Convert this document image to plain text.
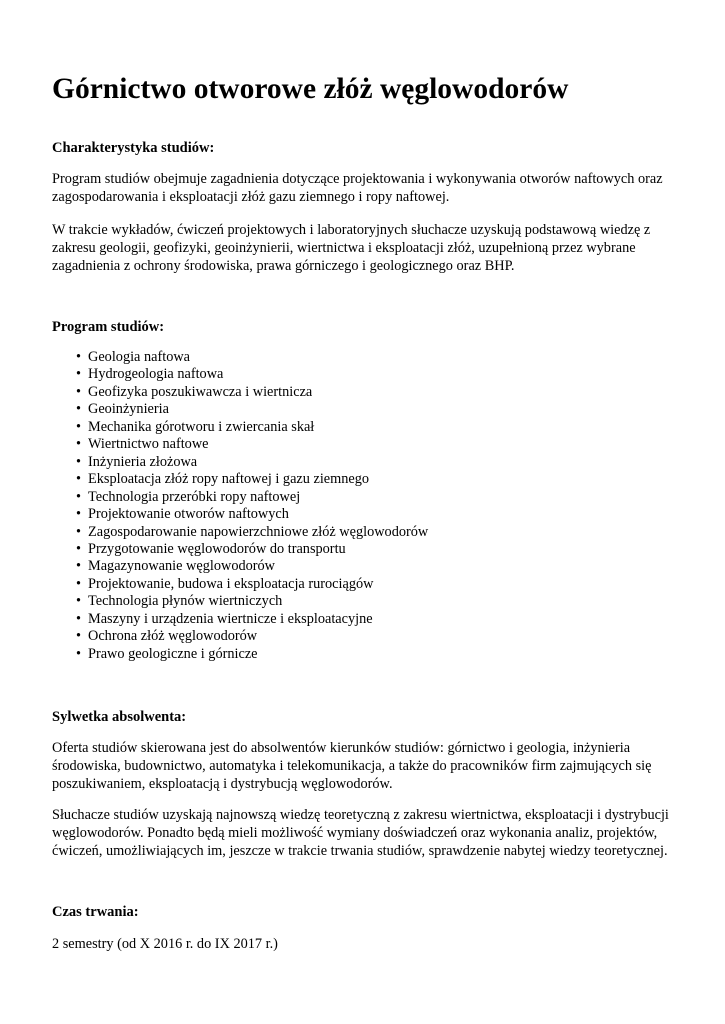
Górnictwo otworowe złóż węglowodorów
Charakterystyka studiów:

Program studiów obejmuje zagadnienia dotyczące projektowania i wykonywania otworów naftowych oraz
zagospodarowania i eksploatacji złóż gazu ziemnego i ropy naftowej.

W trakcie wykładów, ćwiczeń projektowych i laboratoryjnych słuchacze uzyskują podstawową wiedzę z
zakresu geologii, geofizyki, geoinżynierii, wiertnictwa i eksploatacji złóż, uzupełnioną przez wybrane
zagadnienia z ochrony środowiska, prawa górniczego i geologicznego oraz BHP.

Program studiów:
• Geologia naftowa
• Hydrogeologia naftowa
• Geofizyka poszukiwawcza i wiertnicza
• Geoinżynieria
• Mechanika górotworu i zwiercania skał
• Wiertnictwo naftowe
• Inżynieria złożowa
• Eksploatacja złóż ropy naftowej i gazu ziemnego
• Technologia przeróbki ropy naftowej
• Projektowanie otworów naftowych
• Zagospodarowanie napowierzchniowe złóż węglowodorów
• Przygotowanie węglowodorów do transportu
• Magazynowanie węglowodorów
• Projektowanie, budowa i eksploatacja rurociągów
• Technologia płynów wiertniczych
• Maszyny i urządzenia wiertnicze i eksploatacyjne
• Ochrona złóż węglowodorów
• Prawo geologiczne i górnicze
Sylwetka absolwenta:

Oferta studiów skierowana jest do absolwentów kierunków studiów: górnictwo i geologia, inżynieria
środowiska, budownictwo, automatyka i telekomunikacja, a także do pracowników firm zajmujących się
poszukiwaniem, eksploatacją i dystrybucją węglowodorów.

Słuchacze studiów uzyskają najnowszą wiedzę teoretyczną z zakresu wiertnictwa, eksploatacji i dystrybucji
węglowodorów. Ponadto będą mieli możliwość wymiany doświadczeń oraz wykonania analiz, projektów,
ćwiczeń, umożliwiających im, jeszcze w trakcie trwania studiów, sprawdzenie nabytej wiedzy teoretycznej.

Czas trwania:

2 semestry (od X 2016 r. do IX 2017 r.)
